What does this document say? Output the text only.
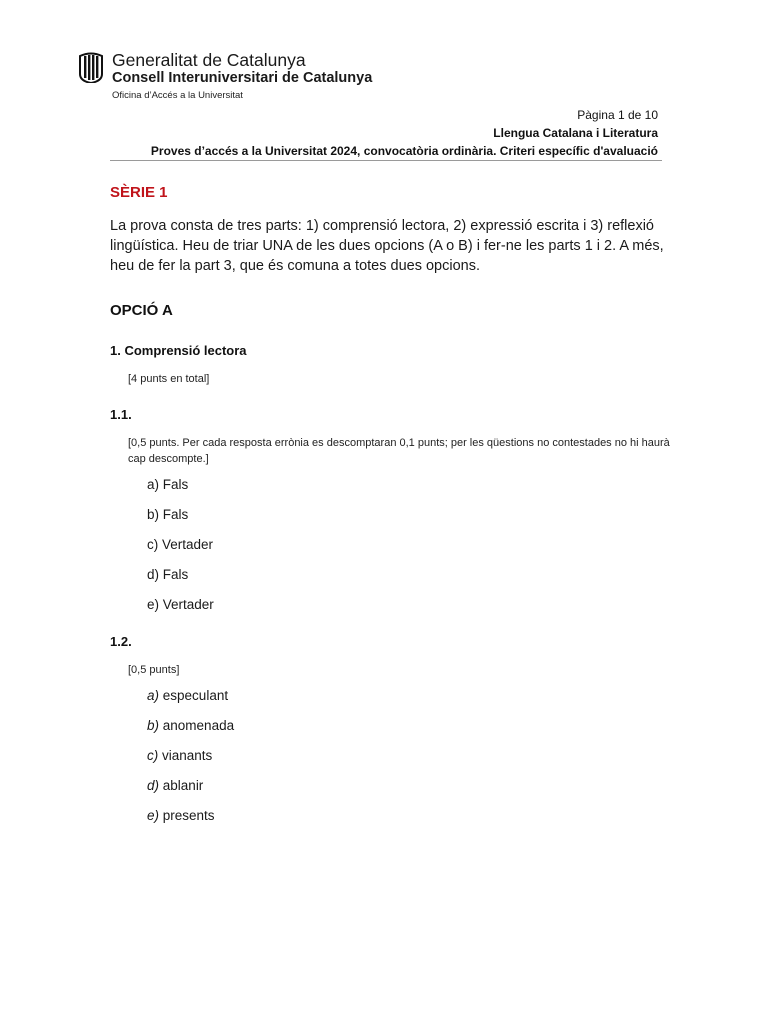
Generalitat de Catalunya
Consell Interuniversitari de Catalunya
Oficina d’Accés a la Universitat
Pàgina 1 de 10
Llengua Catalana i Literatura
Proves d’accés a la Universitat 2024, convocatòria ordinària. Criteri específic d'avaluació

SÈRIE 1

La prova consta de tres parts: 1) comprensió lectora, 2) expressió escrita i 3) reflexió lingüística. Heu de triar UNA de les dues opcions (A o B) i fer-ne les parts 1 i 2. A més, heu de fer la part 3, que és comuna a totes dues opcions.

OPCIÓ A

1. Comprensió lectora

[4 punts en total]

1.1.

[0,5 punts. Per cada resposta errònia es descomptaran 0,1 punts; per les qüestions no contestades no hi haurà cap descompte.]

a) Fals
b) Fals
c) Vertader
d) Fals
e) Vertader

1.2.

[0,5 punts]

a) especulant
b) anomenada
c) vianants
d) ablanir
e) presents
